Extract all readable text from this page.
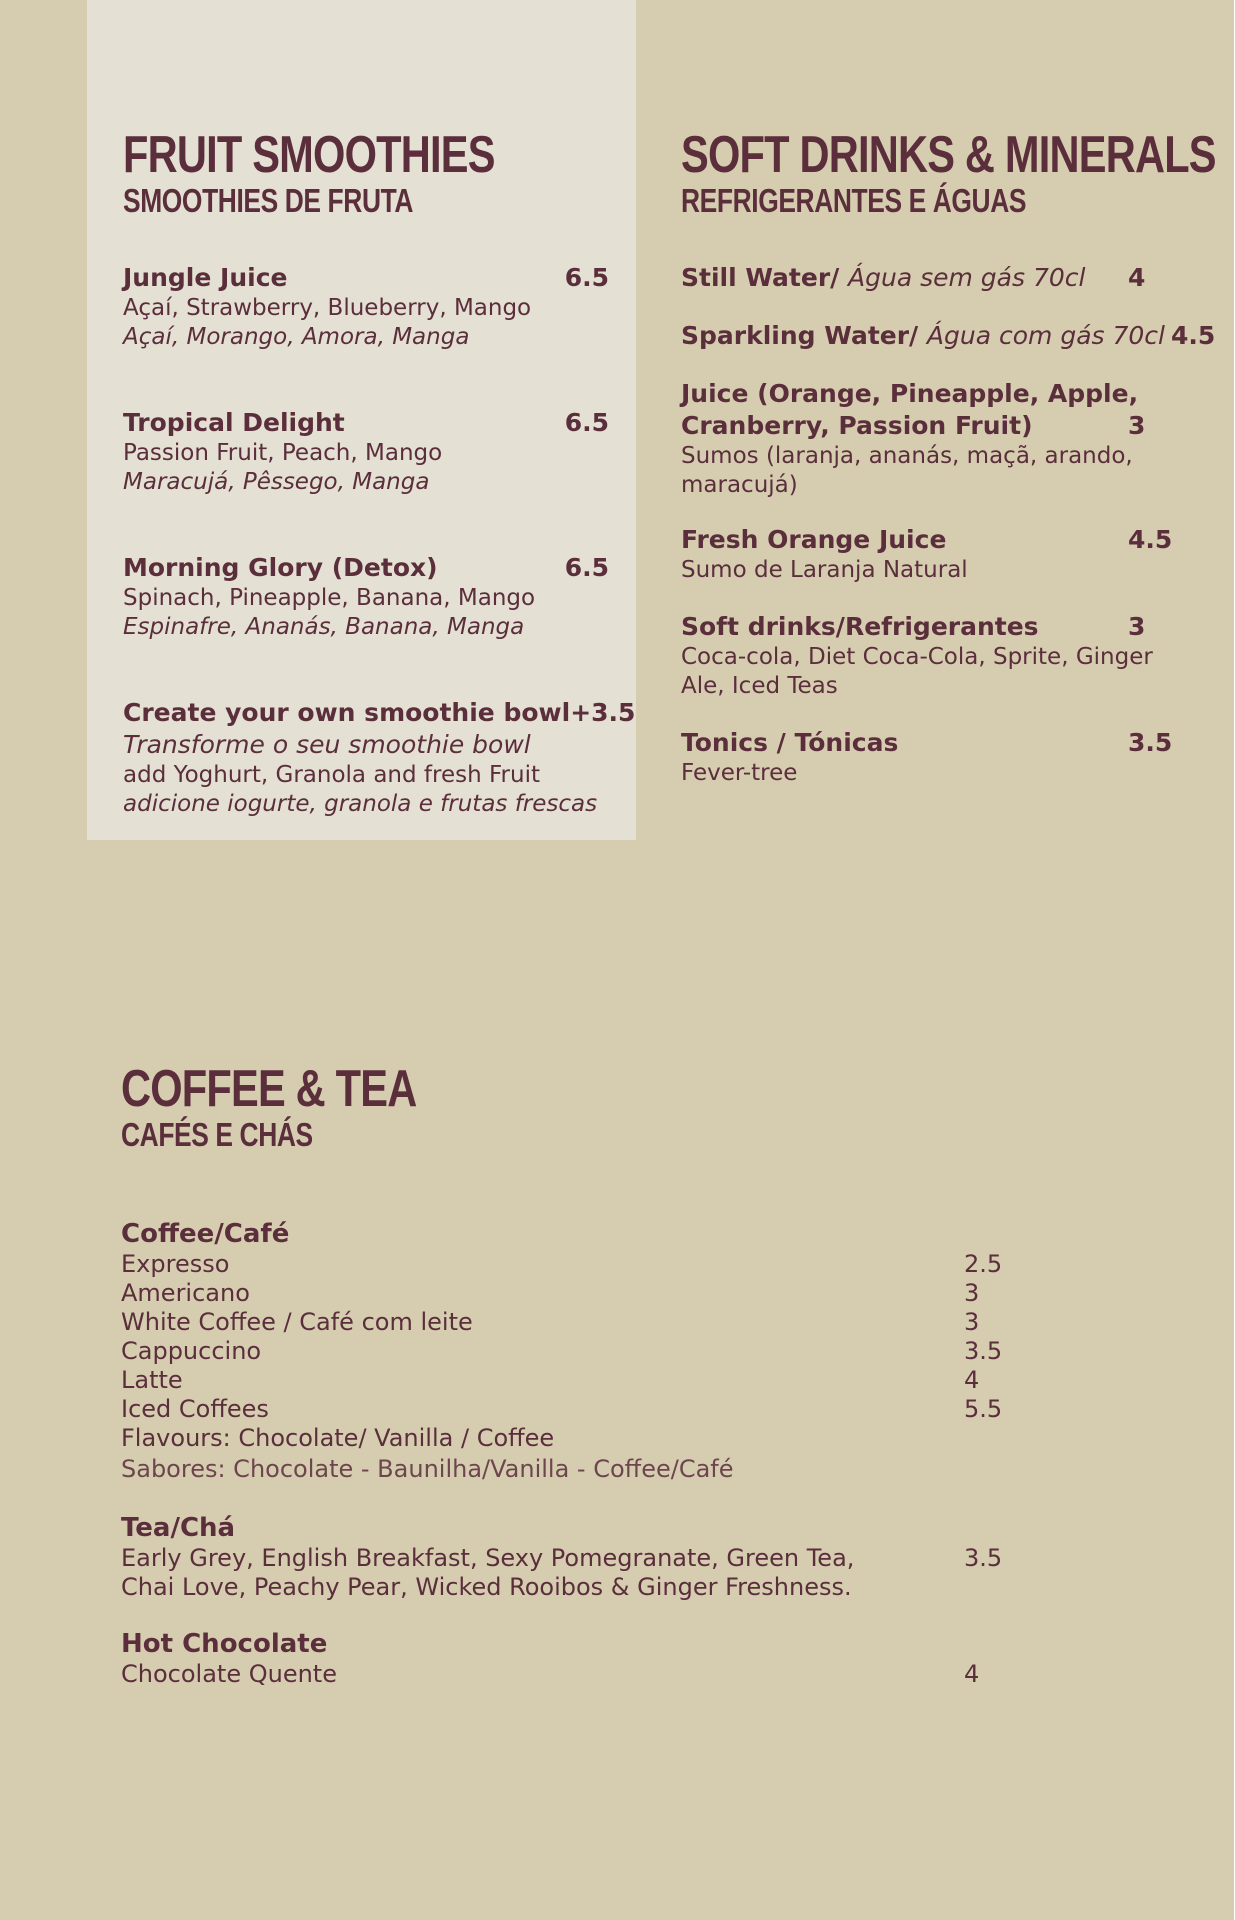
FRUIT SMOOTHIES
SMOOTHIES DE FRUTA
Jungle Juice	6.5
Açaí, Strawberry, Blueberry, Mango
Açaí, Morango, Amora, Manga
Tropical Delight	6.5
Passion Fruit, Peach, Mango
Maracujá, Pêssego, Manga
Morning Glory (Detox)	6.5
Spinach, Pineapple, Banana, Mango
Espinafre, Ananás, Banana, Manga
Create your own smoothie bowl +3.5
Transforme o seu smoothie bowl
add Yoghurt, Granola and fresh Fruit
adicione iogurte, granola e frutas frescas
SOFT DRINKS & MINERALS
REFRIGERANTES E ÁGUAS
Still Water/ Água sem gás 70cl 4
Sparkling Water/ Água com gás 70cl 4.5
Juice (Orange, Pineapple, Apple,
Cranberry, Passion Fruit)	3
Sumos (laranja, ananás, maçã, arando,
maracujá)
Fresh Orange Juice	4.5
Sumo de Laranja Natural
Soft drinks/Refrigerantes	3
Coca-cola, Diet Coca-Cola, Sprite, Ginger
Ale, Iced Teas
Tonics / Tónicas	3.5
Fever-tree
COFFEE & TEA
CAFÉS E CHÁS
Coffee/Café
Expresso	2.5
Americano	3
White Coffee / Café com leite	3
Cappuccino	3.5
Latte	4
Iced Coffees	5.5
Flavours: Chocolate/ Vanilla / Coffee
Sabores: Chocolate - Baunilha/Vanilla - Coffee/Café
Tea/Chá
Early Grey, English Breakfast, Sexy Pomegranate, Green Tea,	3.5
Chai Love, Peachy Pear, Wicked Rooibos & Ginger Freshness.
Hot Chocolate
Chocolate Quente	4
